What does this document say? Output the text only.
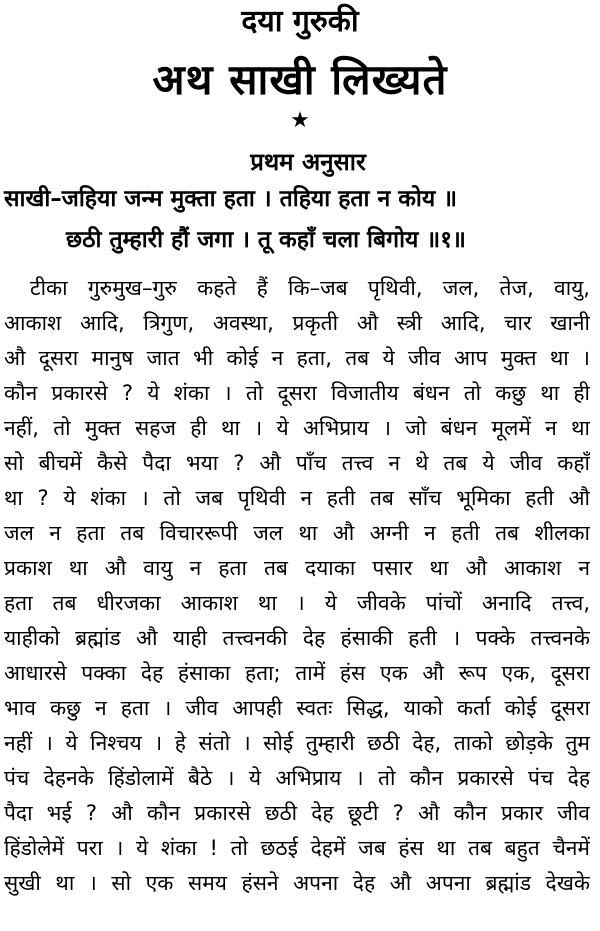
दया गुरुकी
अथ साखी लिख्यते
★
प्रथम अनुसार
साखी–जहिया जन्म मुक्ता हता । तहिया हता न कोय ॥
छठी तुम्हारी हौं जगा । तू कहाँ चला बिगोय ॥१॥
टीका गुरुमुख–गुरु कहते हैं कि–जब पृथिवी, जल, तेज, वायु,
आकाश आदि, त्रिगुण, अवस्था, प्रकृती औ स्त्री आदि, चार खानी
औ दूसरा मानुष जात भी कोई न हता, तब ये जीव आप मुक्त था ।
कौन प्रकारसे ? ये शंका । तो दूसरा विजातीय बंधन तो कछु था ही
नहीं, तो मुक्त सहज ही था । ये अभिप्राय । जो बंधन मूलमें न था
सो बीचमें कैसे पैदा भया ? औ पाँच तत्त्व न थे तब ये जीव कहाँ
था ? ये शंका । तो जब पृथिवी न हती तब साँच भूमिका हती औ
जल न हता तब विचाररूपी जल था औ अग्नी न हती तब शीलका
प्रकाश था औ वायु न हता तब दयाका पसार था औ आकाश न
हता तब धीरजका आकाश था । ये जीवके पांचों अनादि तत्त्व,
याहीको ब्रह्मांड औ याही तत्त्वनकी देह हंसाकी हती । पक्के तत्त्वनके
आधारसे पक्का देह हंसाका हता; तामें हंस एक औ रूप एक, दूसरा
भाव कछु न हता । जीव आपही स्वतः सिद्ध, याको कर्ता कोई दूसरा
नहीं । ये निश्चय । हे संतो । सोई तुम्हारी छठी देह, ताको छोड़के तुम
पंच देहनके हिंडोलामें बैठे । ये अभिप्राय । तो कौन प्रकारसे पंच देह
पैदा भई ? औ कौन प्रकारसे छठी देह छूटी ? औ कौन प्रकार जीव
हिंडोलेमें परा । ये शंका ! तो छठई देहमें जब हंस था तब बहुत चैनमें
सुखी था । सो एक समय हंसने अपना देह औ अपना ब्रह्मांड देखके
